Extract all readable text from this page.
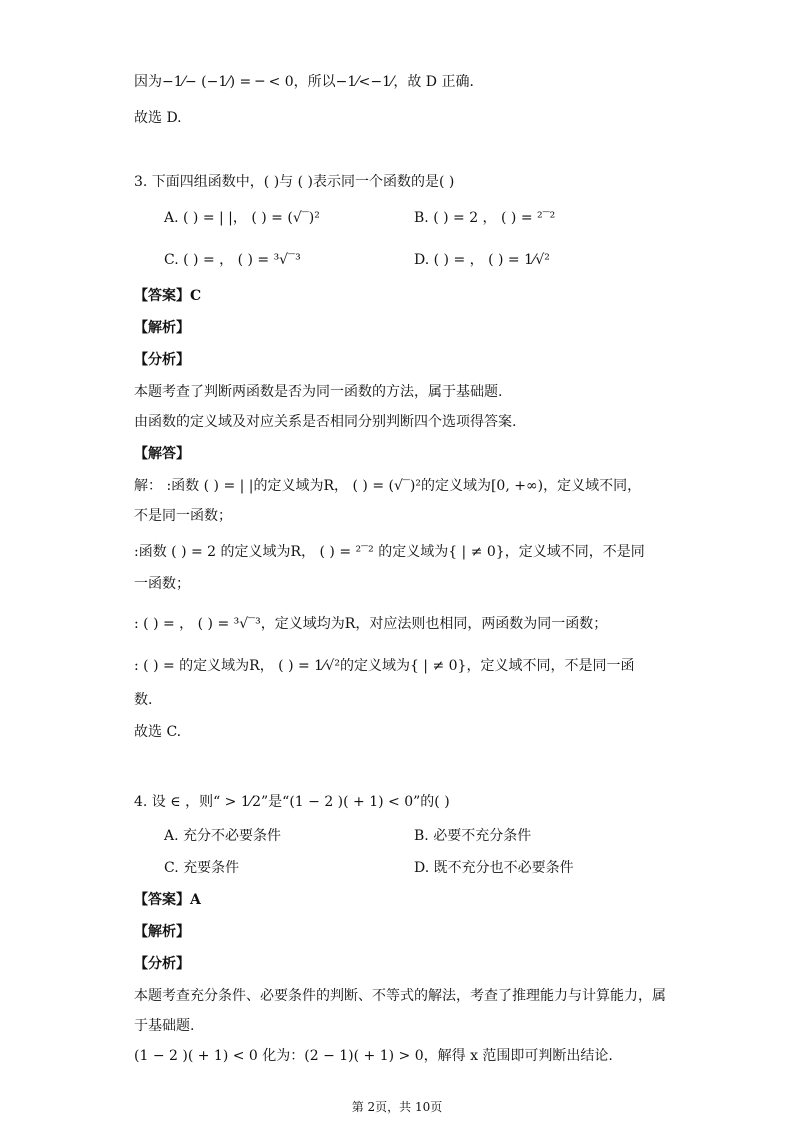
因为−1⁄− (−1⁄) = ─ < 0，所以−1⁄<−1⁄，故 D 正确．
故选 D.
3. 下面四组函数中，( )与 ( )表示同一个函数的是( )
A. ( ) = | |， ( ) = (√‾)²	B. ( ) = 2 ， ( ) = ²‾²
C. ( ) = ， ( ) = ³√‾³	D. ( ) = ， ( ) = 1⁄√²
【答案】C
【解析】
【分析】
本题考查了判断两函数是否为同一函数的方法，属于基础题.
由函数的定义域及对应关系是否相同分别判断四个选项得答案.
【解答】
解： :函数 ( ) = | |的定义域为R， ( ) = (√‾)²的定义域为[0, +∞)，定义域不同，
不是同一函数；
:函数 ( ) = 2 的定义域为R， ( ) = ²‾² 的定义域为{ | ≠ 0}，定义域不同，不是同
一函数；
: ( ) = ， ( ) = ³√‾³，定义域均为R，对应法则也相同，两函数为同一函数；
: ( ) = 的定义域为R， ( ) = 1⁄√²的定义域为{ | ≠ 0}，定义域不同，不是同一函
数.
故选 C.
4. 设 ∈ ，则“ > 1⁄2”是“(1 − 2 )( + 1) < 0”的( )
A. 充分不必要条件	B. 必要不充分条件
C. 充要条件	D. 既不充分也不必要条件
【答案】A
【解析】
【分析】
本题考查充分条件、必要条件的判断、不等式的解法，考查了推理能力与计算能力，属
于基础题.
(1 − 2 )( + 1) < 0 化为：(2 − 1)( + 1) > 0，解得 x 范围即可判断出结论.
第 2页，共 10页
